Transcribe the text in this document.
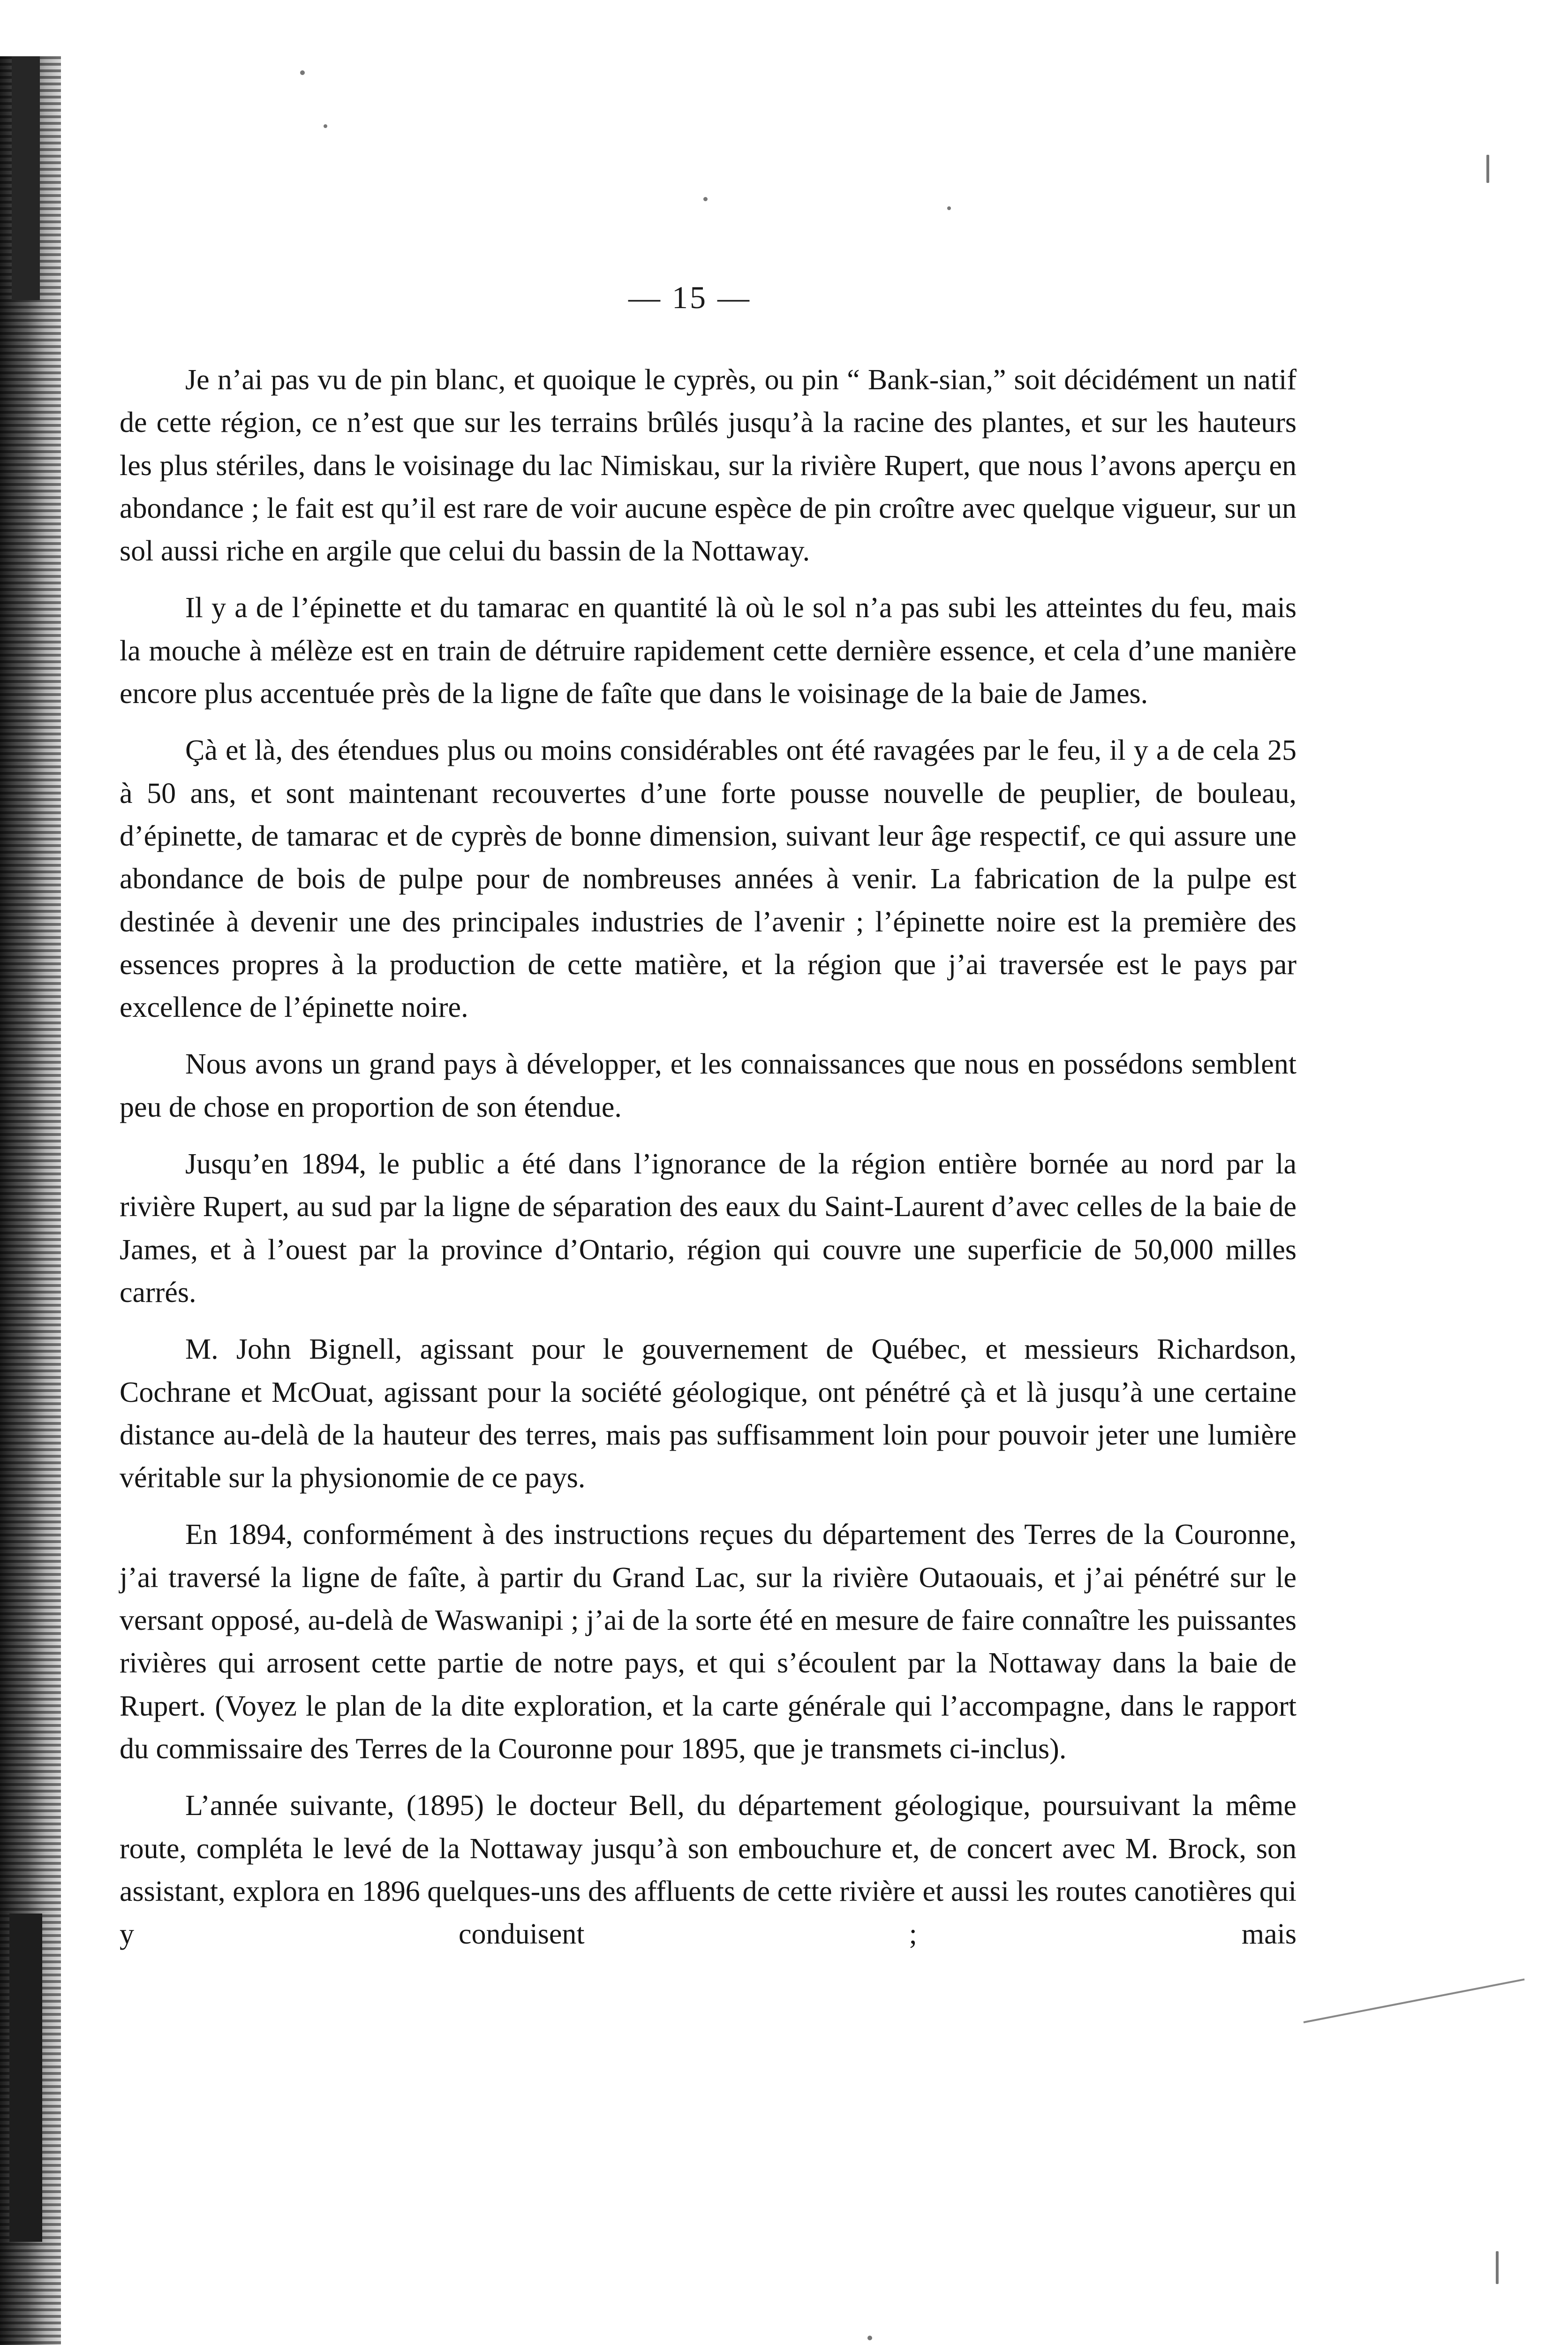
— 15 —

Je n’ai pas vu de pin blanc, et quoique le cyprès, ou pin “ Bank-sian,” soit décidément un natif de cette région, ce n’est que sur les terrains brûlés jusqu’à la racine des plantes, et sur les hauteurs les plus stériles, dans le voisinage du lac Nimiskau, sur la rivière Rupert, que nous l’avons aperçu en abondance ; le fait est qu’il est rare de voir aucune espèce de pin croître avec quelque vigueur, sur un sol aussi riche en argile que celui du bassin de la Nottaway.

Il y a de l’épinette et du tamarac en quantité là où le sol n’a pas subi les atteintes du feu, mais la mouche à mélèze est en train de détruire rapidement cette dernière essence, et cela d’une manière encore plus accentuée près de la ligne de faîte que dans le voisinage de la baie de James.

Çà et là, des étendues plus ou moins considérables ont été ravagées par le feu, il y a de cela 25 à 50 ans, et sont maintenant recouvertes d’une forte pousse nouvelle de peuplier, de bouleau, d’épinette, de tamarac et de cyprès de bonne dimension, suivant leur âge respectif, ce qui assure une abondance de bois de pulpe pour de nombreuses années à venir. La fabrication de la pulpe est destinée à devenir une des principales industries de l’avenir ; l’épinette noire est la première des essences propres à la production de cette matière, et la région que j’ai traversée est le pays par excellence de l’épinette noire.

Nous avons un grand pays à développer, et les connaissances que nous en possédons semblent peu de chose en proportion de son étendue.

Jusqu’en 1894, le public a été dans l’ignorance de la région entière bornée au nord par la rivière Rupert, au sud par la ligne de séparation des eaux du Saint-Laurent d’avec celles de la baie de James, et à l’ouest par la province d’Ontario, région qui couvre une superficie de 50,000 milles carrés.

M. John Bignell, agissant pour le gouvernement de Québec, et messieurs Richardson, Cochrane et McOuat, agissant pour la société géologique, ont pénétré çà et là jusqu’à une certaine distance au-delà de la hauteur des terres, mais pas suffisamment loin pour pouvoir jeter une lumière véritable sur la physionomie de ce pays.

En 1894, conformément à des instructions reçues du département des Terres de la Couronne, j’ai traversé la ligne de faîte, à partir du Grand Lac, sur la rivière Outaouais, et j’ai pénétré sur le versant opposé, au-delà de Waswanipi ; j’ai de la sorte été en mesure de faire connaître les puissantes rivières qui arrosent cette partie de notre pays, et qui s’écoulent par la Nottaway dans la baie de Rupert. (Voyez le plan de la dite exploration, et la carte générale qui l’accompagne, dans le rapport du commissaire des Terres de la Couronne pour 1895, que je transmets ci-inclus).

L’année suivante, (1895) le docteur Bell, du département géologique, poursuivant la même route, compléta le levé de la Nottaway jusqu’à son embouchure et, de concert avec M. Brock, son assistant, explora en 1896 quelques-uns des affluents de cette rivière et aussi les routes canotières qui y conduisent ; mais
